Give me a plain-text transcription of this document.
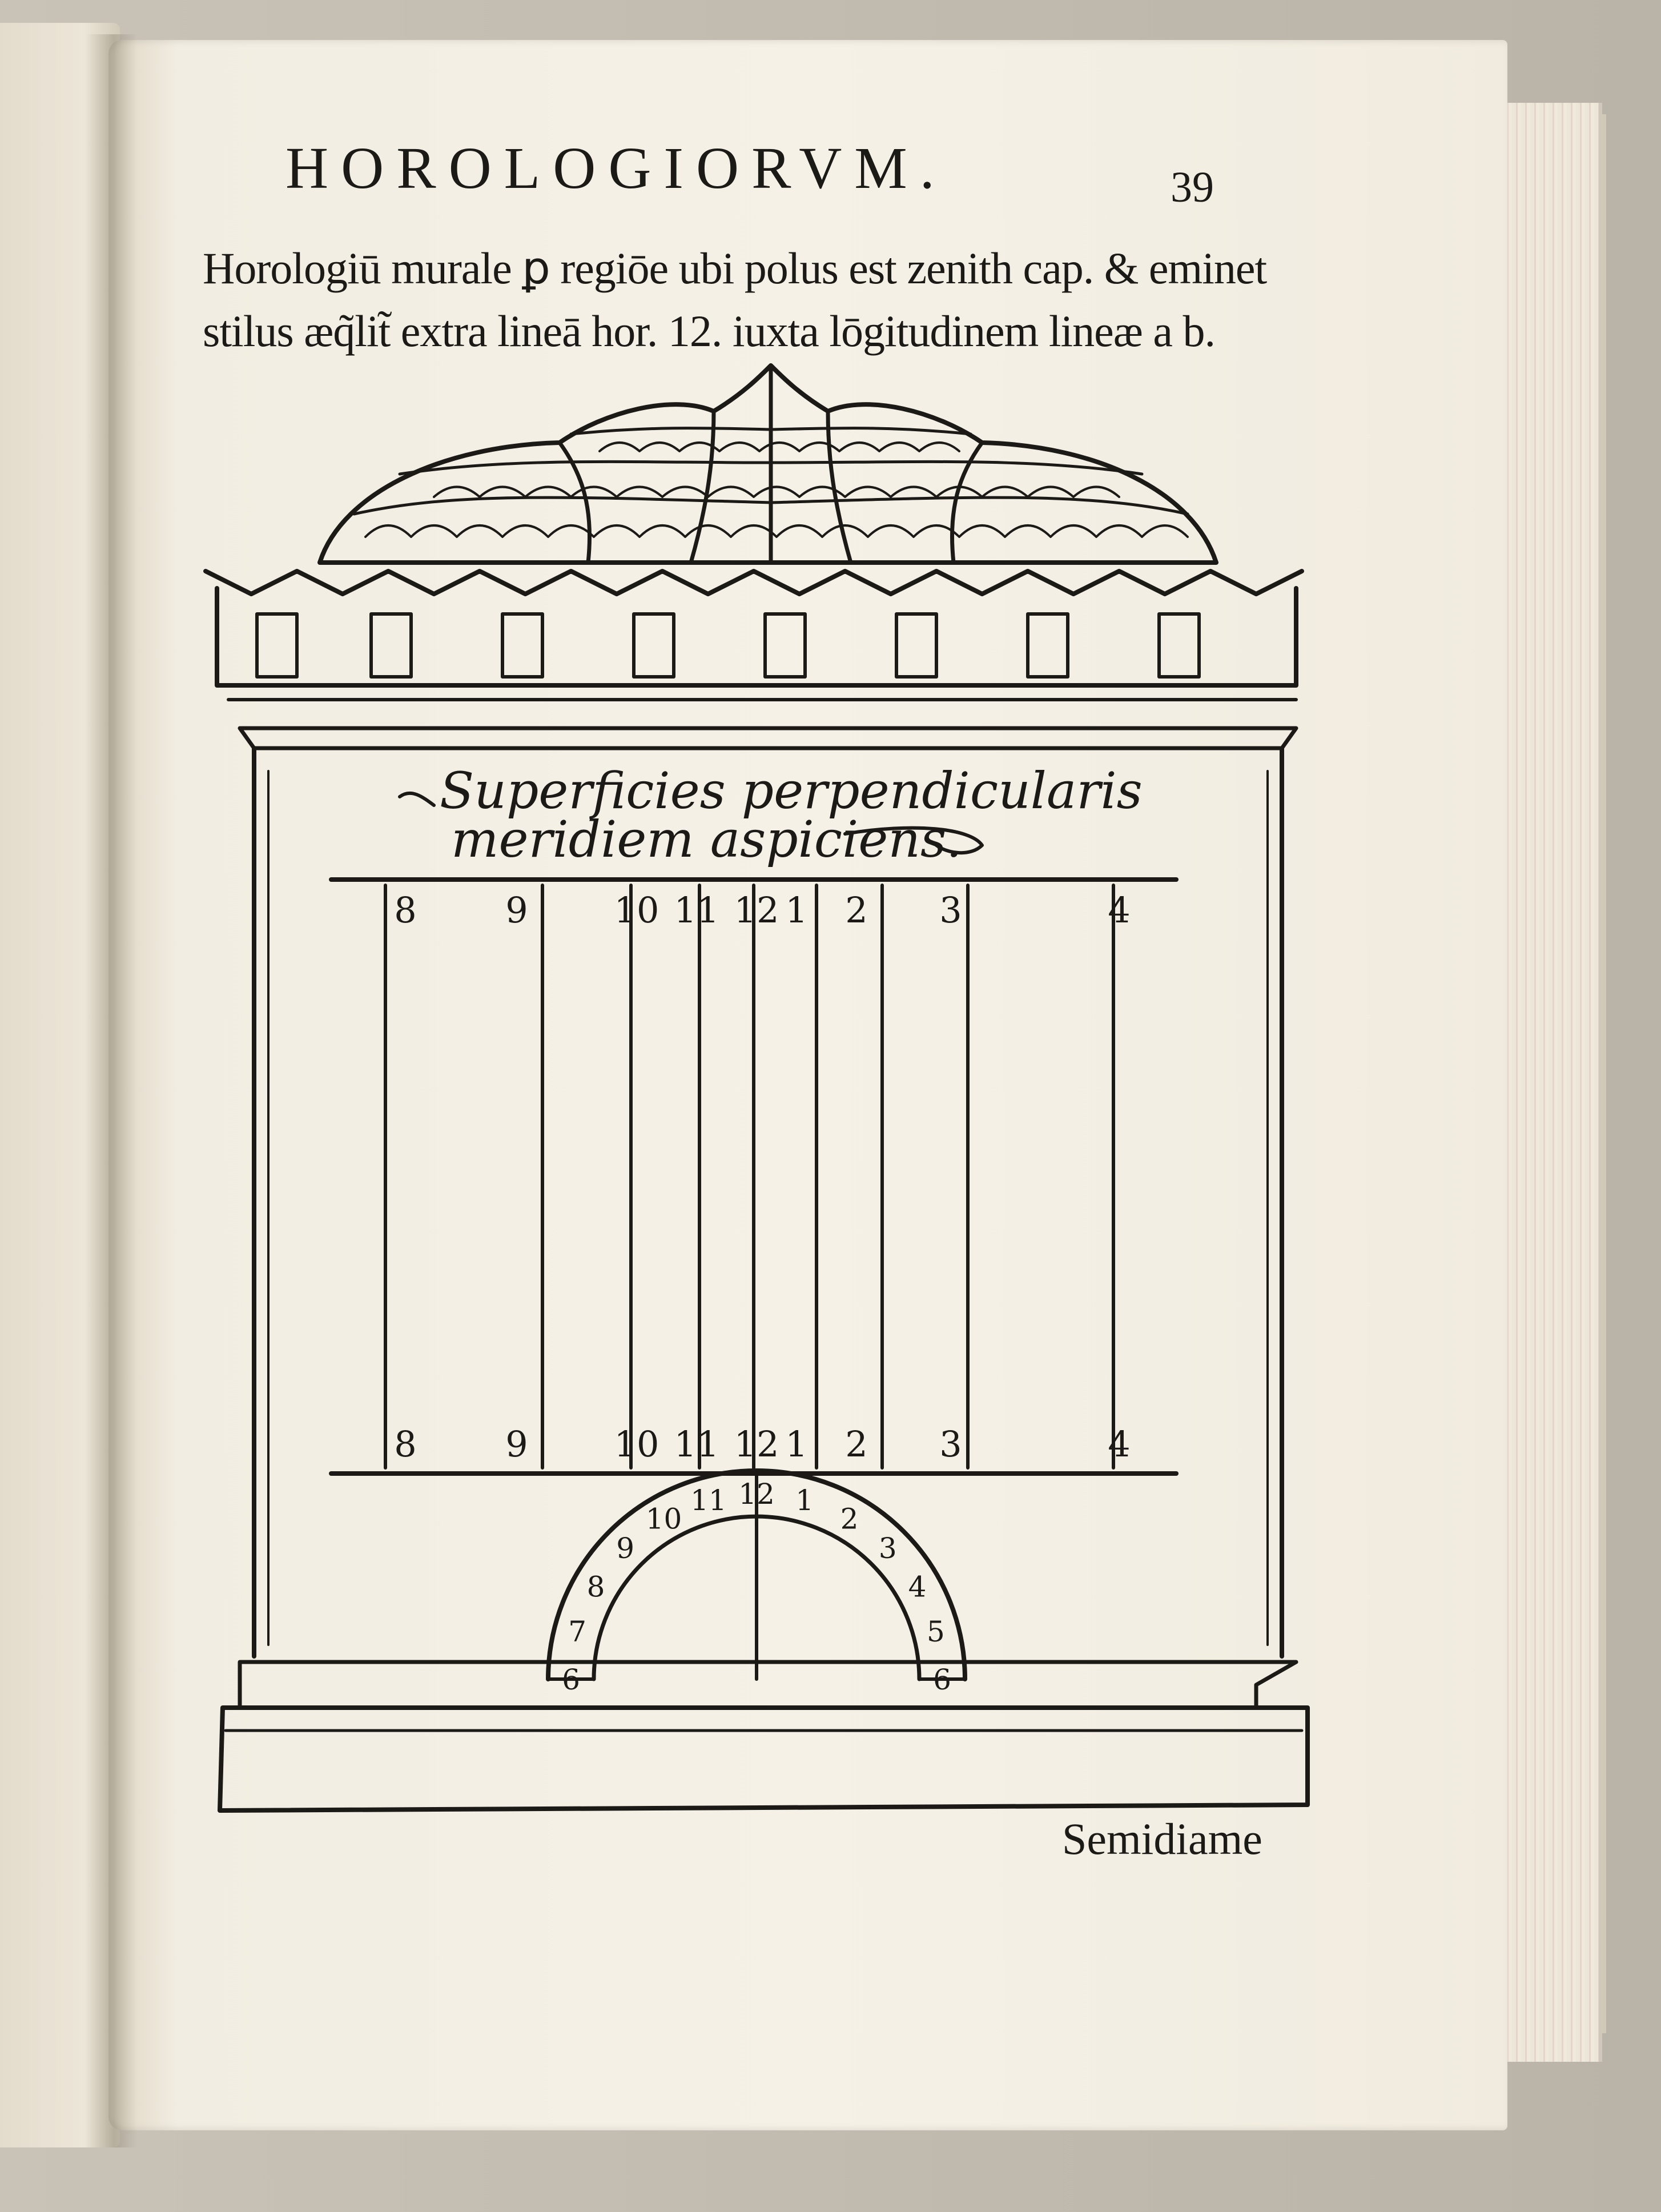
HOROLOGIORVM.	39
Horologiū murale ꝑ regiōe ubi polus est zenith cap. & eminet
stilus æq̃lit̃ extra lineā hor. 12. iuxta lōgitudinem lineæ a b.
Superficies perpendicularis
meridiem aspiciens.
8	9 10 11 12 1 2 3	4
8	9 10 11 12 1 2 3	4
6
7
8
9
10
11 12 1
2
3
4
5
6
Semidiame
